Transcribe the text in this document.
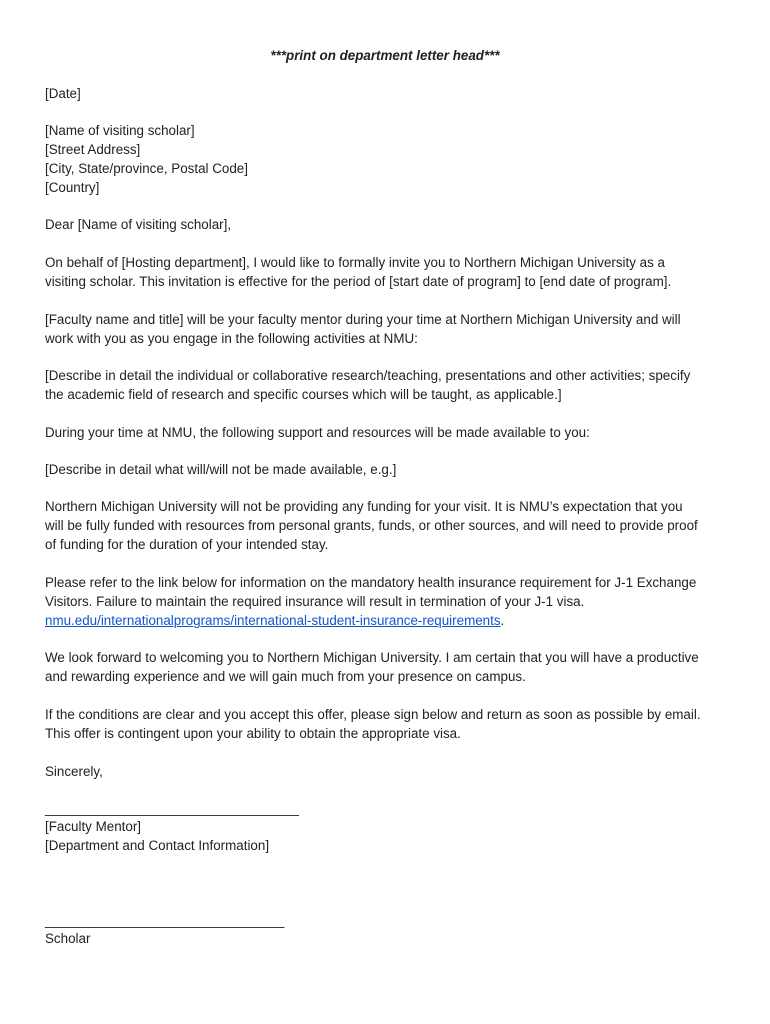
***print on department letter head***
[Date]
[Name of visiting scholar]
[Street Address]
[City, State/province, Postal Code]
[Country]
Dear [Name of visiting scholar],
On behalf of [Hosting department], I would like to formally invite you to Northern Michigan University as a
visiting scholar. This invitation is effective for the period of [start date of program] to [end date of program].
[Faculty name and title] will be your faculty mentor during your time at Northern Michigan University and will
work with you as you engage in the following activities at NMU:
[Describe in detail the individual or collaborative research/teaching, presentations and other activities; specify
the academic field of research and specific courses which will be taught, as applicable.]
During your time at NMU, the following support and resources will be made available to you:
[Describe in detail what will/will not be made available, e.g.]
Northern Michigan University will not be providing any funding for your visit. It is NMU’s expectation that you
will be fully funded with resources from personal grants, funds, or other sources, and will need to provide proof
of funding for the duration of your intended stay.
Please refer to the link below for information on the mandatory health insurance requirement for J-1 Exchange
Visitors. Failure to maintain the required insurance will result in termination of your J-1 visa.
nmu.edu/internationalprograms/international-student-insurance-requirements.
We look forward to welcoming you to Northern Michigan University. I am certain that you will have a productive
and rewarding experience and we will gain much from your presence on campus.
If the conditions are clear and you accept this offer, please sign below and return as soon as possible by email.
This offer is contingent upon your ability to obtain the appropriate visa.
Sincerely,
___________________________________
[Faculty Mentor]
[Department and Contact Information]
_________________________________
Scholar
